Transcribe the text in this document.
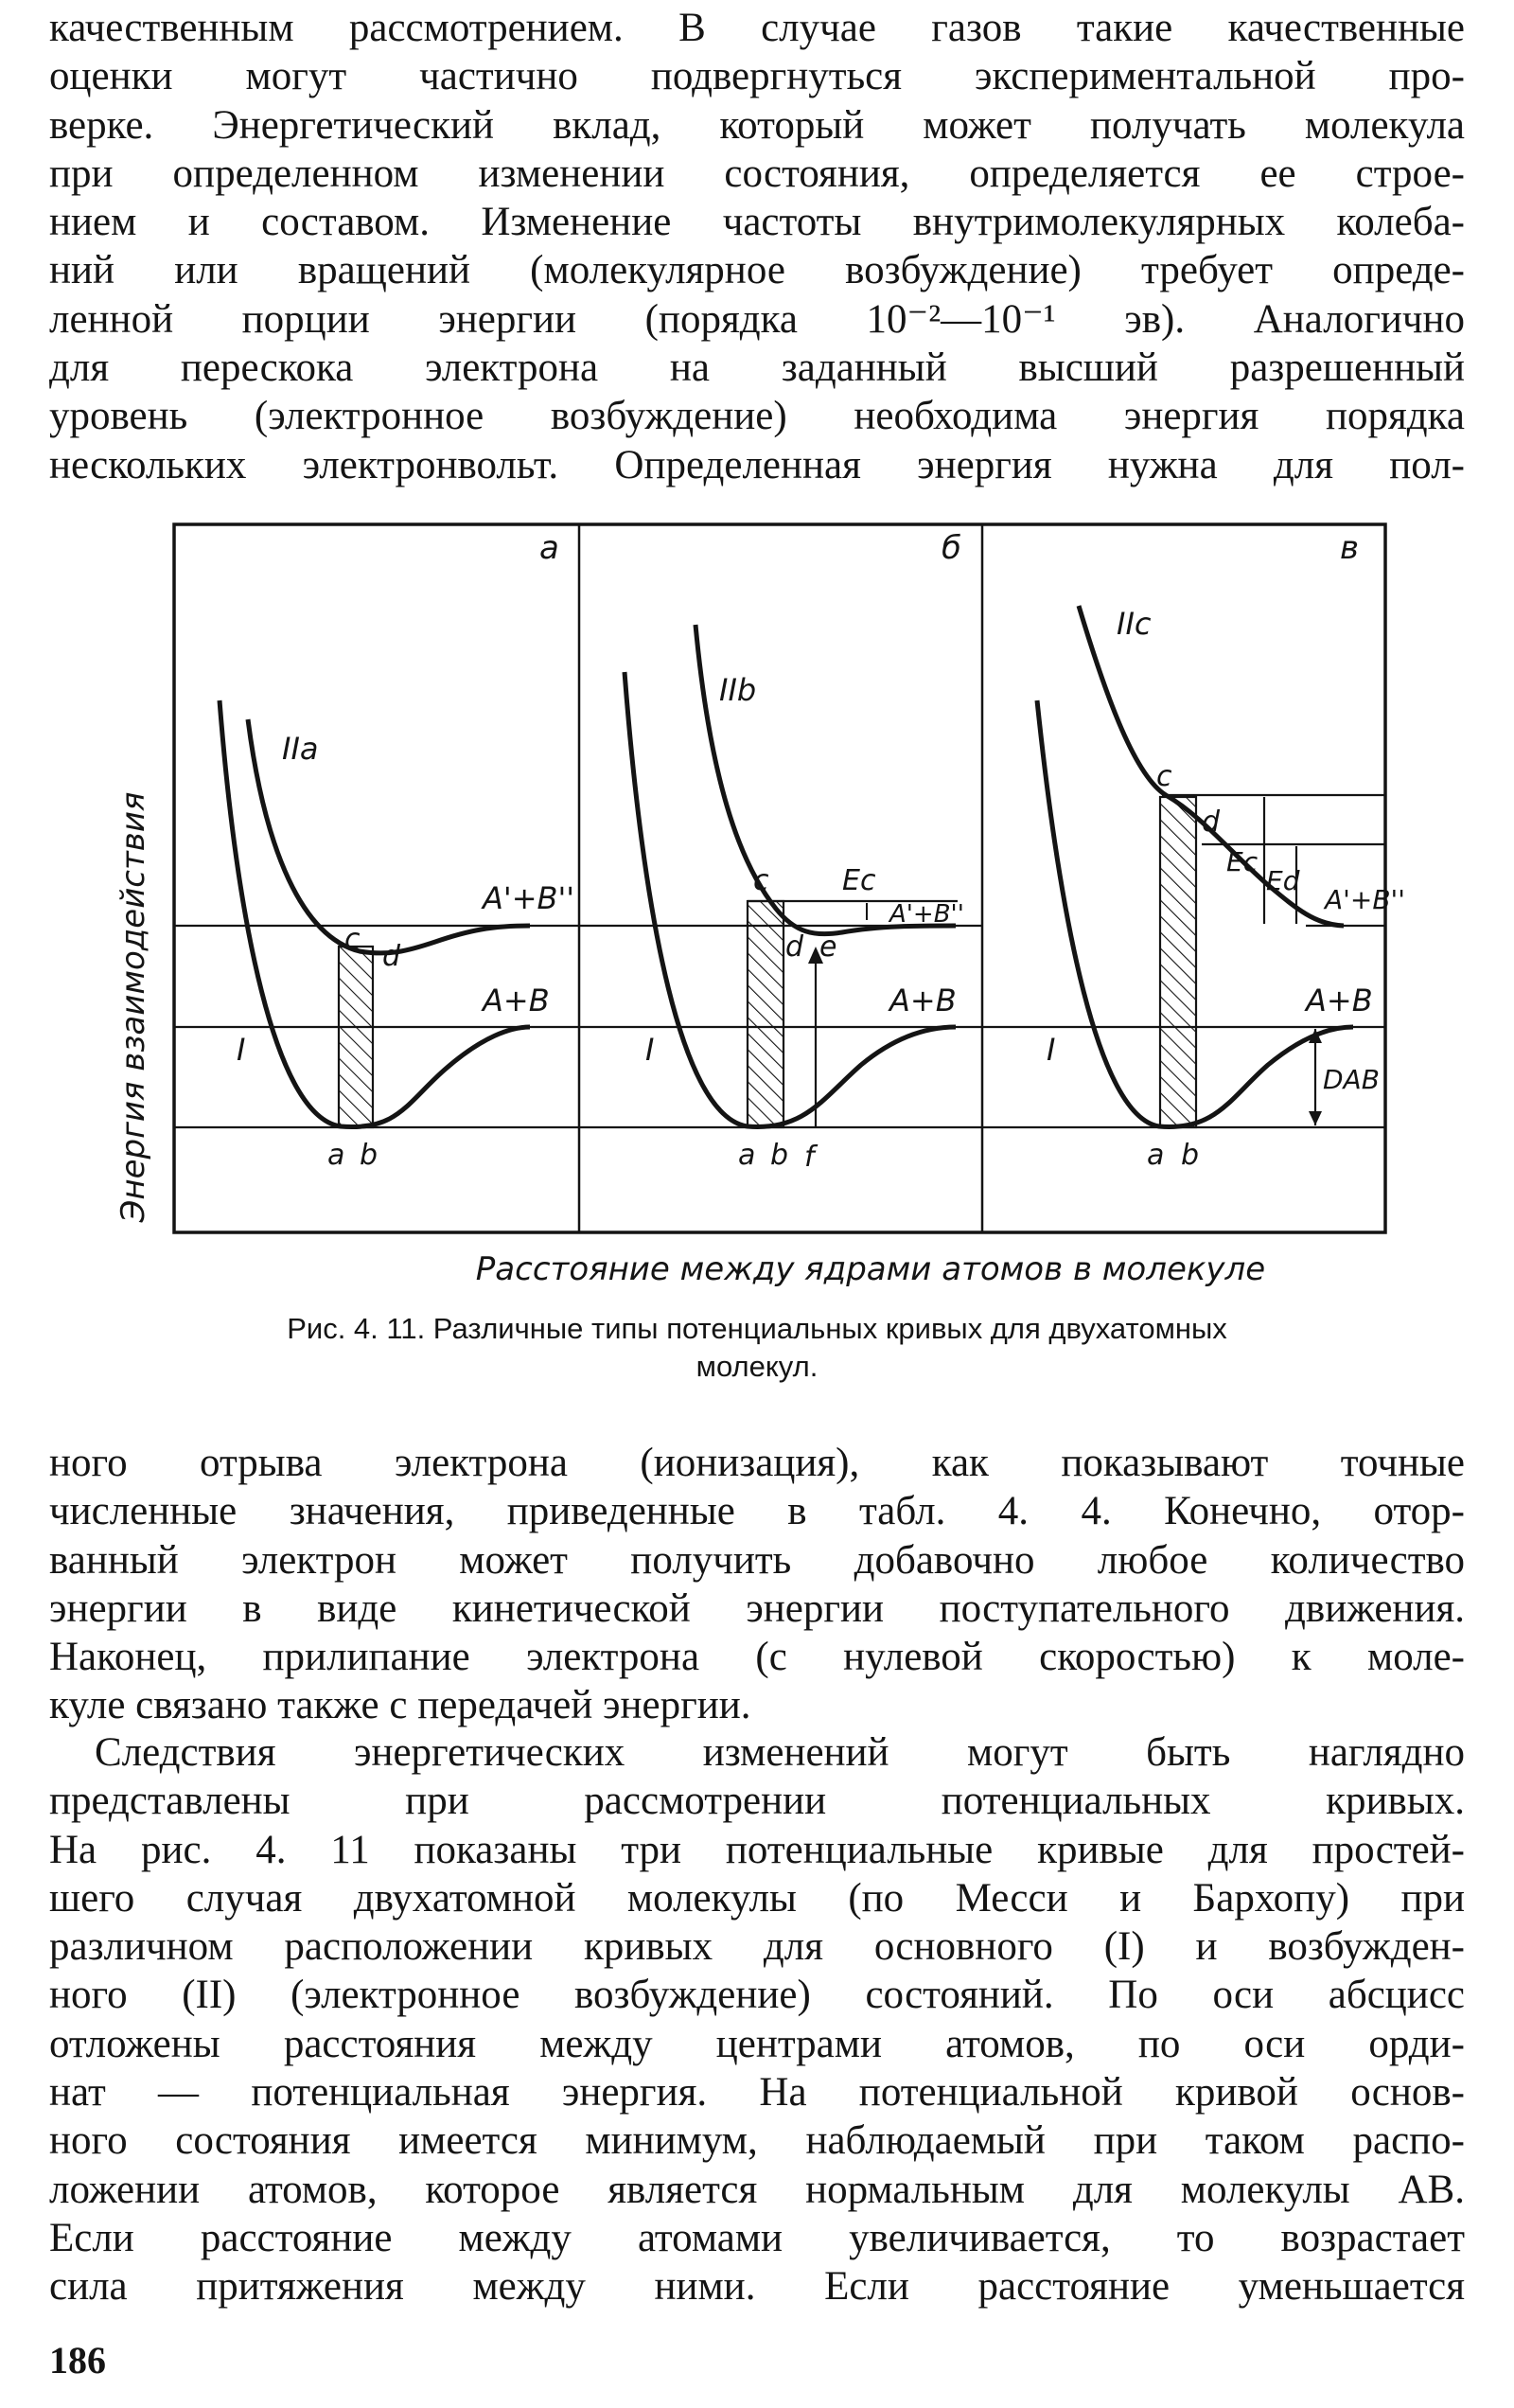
качественным рассмотрением. В случае газов такие качественные
оценки могут частично подвергнуться экспериментальной про-
верке. Энергетический вклад, который может получать молекула
при определенном изменении состояния, определяется ее строе-
нием и составом. Изменение частоты внутримолекулярных колеба-
ний или вращений (молекулярное возбуждение) требует опреде-
ленной порции энергии (порядка 10⁻²—10⁻¹ эв). Аналогично
для перескока электрона на заданный высший разрешенный
уровень (электронное возбуждение) необходима энергия порядка
нескольких электронвольт. Определенная энергия нужна для пол-
Энергия взаимодействия
а
IIa
I
A'+B''
A+B
a b
c
d
б
IIb
I
A'+B''
A+B
Ec
a b f
c
d e
в
IIc
I
A'+B''
A+B
Ec
Ed
DAB
a b
c
d
Расстояние между ядрами атомов в молекуле
Рис. 4. 11. Различные типы потенциальных кривых для двухатомных
молекул.
ного отрыва электрона (ионизация), как показывают точные
численные значения, приведенные в табл. 4. 4. Конечно, отор-
ванный электрон может получить добавочно любое количество
энергии в виде кинетической энергии поступательного движения.
Наконец, прилипание электрона (с нулевой скоростью) к моле-
куле связано также с передачей энергии.
Следствия энергетических изменений могут быть наглядно
представлены при рассмотрении потенциальных кривых.
На рис. 4. 11 показаны три потенциальные кривые для простей-
шего случая двухатомной молекулы (по Месси и Бархопу) при
различном расположении кривых для основного (I) и возбужден-
ного (II) (электронное возбуждение) состояний. По оси абсцисс
отложены расстояния между центрами атомов, по оси орди-
нат — потенциальная энергия. На потенциальной кривой основ-
ного состояния имеется минимум, наблюдаемый при таком распо-
ложении атомов, которое является нормальным для молекулы AB.
Если расстояние между атомами увеличивается, то возрастает
сила притяжения между ними. Если расстояние уменьшается
186
